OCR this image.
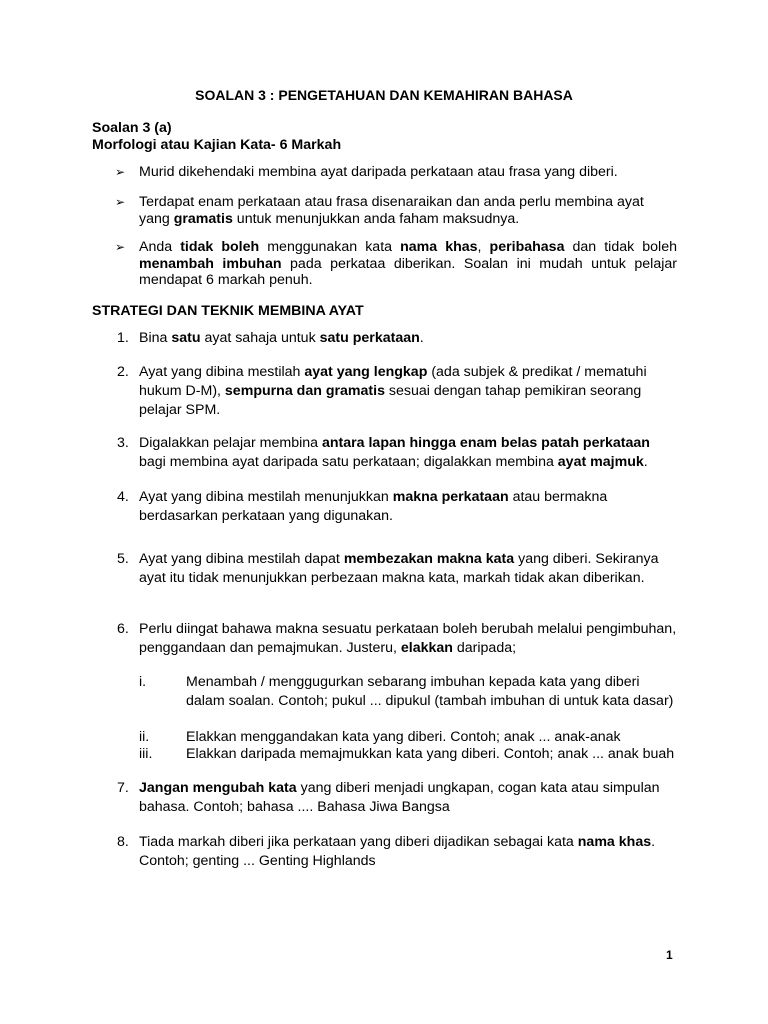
SOALAN 3 : PENGETAHUAN DAN KEMAHIRAN BAHASA
Soalan 3 (a)
Morfologi atau Kajian Kata- 6 Markah
➢ Murid dikehendaki membina ayat daripada perkataan atau frasa yang diberi.
➢ Terdapat enam perkataan atau frasa disenaraikan dan anda perlu membina ayat yang gramatis untuk menunjukkan anda faham maksudnya.
➢ Anda tidak boleh menggunakan kata nama khas, peribahasa dan tidak boleh menambah imbuhan pada perkataa diberikan. Soalan ini mudah untuk pelajar mendapat 6 markah penuh.
STRATEGI DAN TEKNIK MEMBINA AYAT
1. Bina satu ayat sahaja untuk satu perkataan.
2. Ayat yang dibina mestilah ayat yang lengkap (ada subjek & predikat / mematuhi hukum D-M), sempurna dan gramatis sesuai dengan tahap pemikiran seorang pelajar SPM.
3. Digalakkan pelajar membina antara lapan hingga enam belas patah perkataan bagi membina ayat daripada satu perkataan; digalakkan membina ayat majmuk.
4. Ayat yang dibina mestilah menunjukkan makna perkataan atau bermakna berdasarkan perkataan yang digunakan.
5. Ayat yang dibina mestilah dapat membezakan makna kata yang diberi. Sekiranya ayat itu tidak menunjukkan perbezaan makna kata, markah tidak akan diberikan.
6. Perlu diingat bahawa makna sesuatu perkataan boleh berubah melalui pengimbuhan, penggandaan dan pemajmukan. Justeru, elakkan daripada;
i.	Menambah / menggugurkan sebarang imbuhan kepada kata yang diberi dalam soalan. Contoh; pukul ... dipukul (tambah imbuhan di untuk kata dasar)
ii.	Elakkan menggandakan kata yang diberi. Contoh; anak ... anak-anak
iii. Elakkan daripada memajmukkan kata yang diberi. Contoh; anak ... anak buah
7. Jangan mengubah kata yang diberi menjadi ungkapan, cogan kata atau simpulan bahasa. Contoh; bahasa .... Bahasa Jiwa Bangsa
8. Tiada markah diberi jika perkataan yang diberi dijadikan sebagai kata nama khas. Contoh; genting ... Genting Highlands
1
